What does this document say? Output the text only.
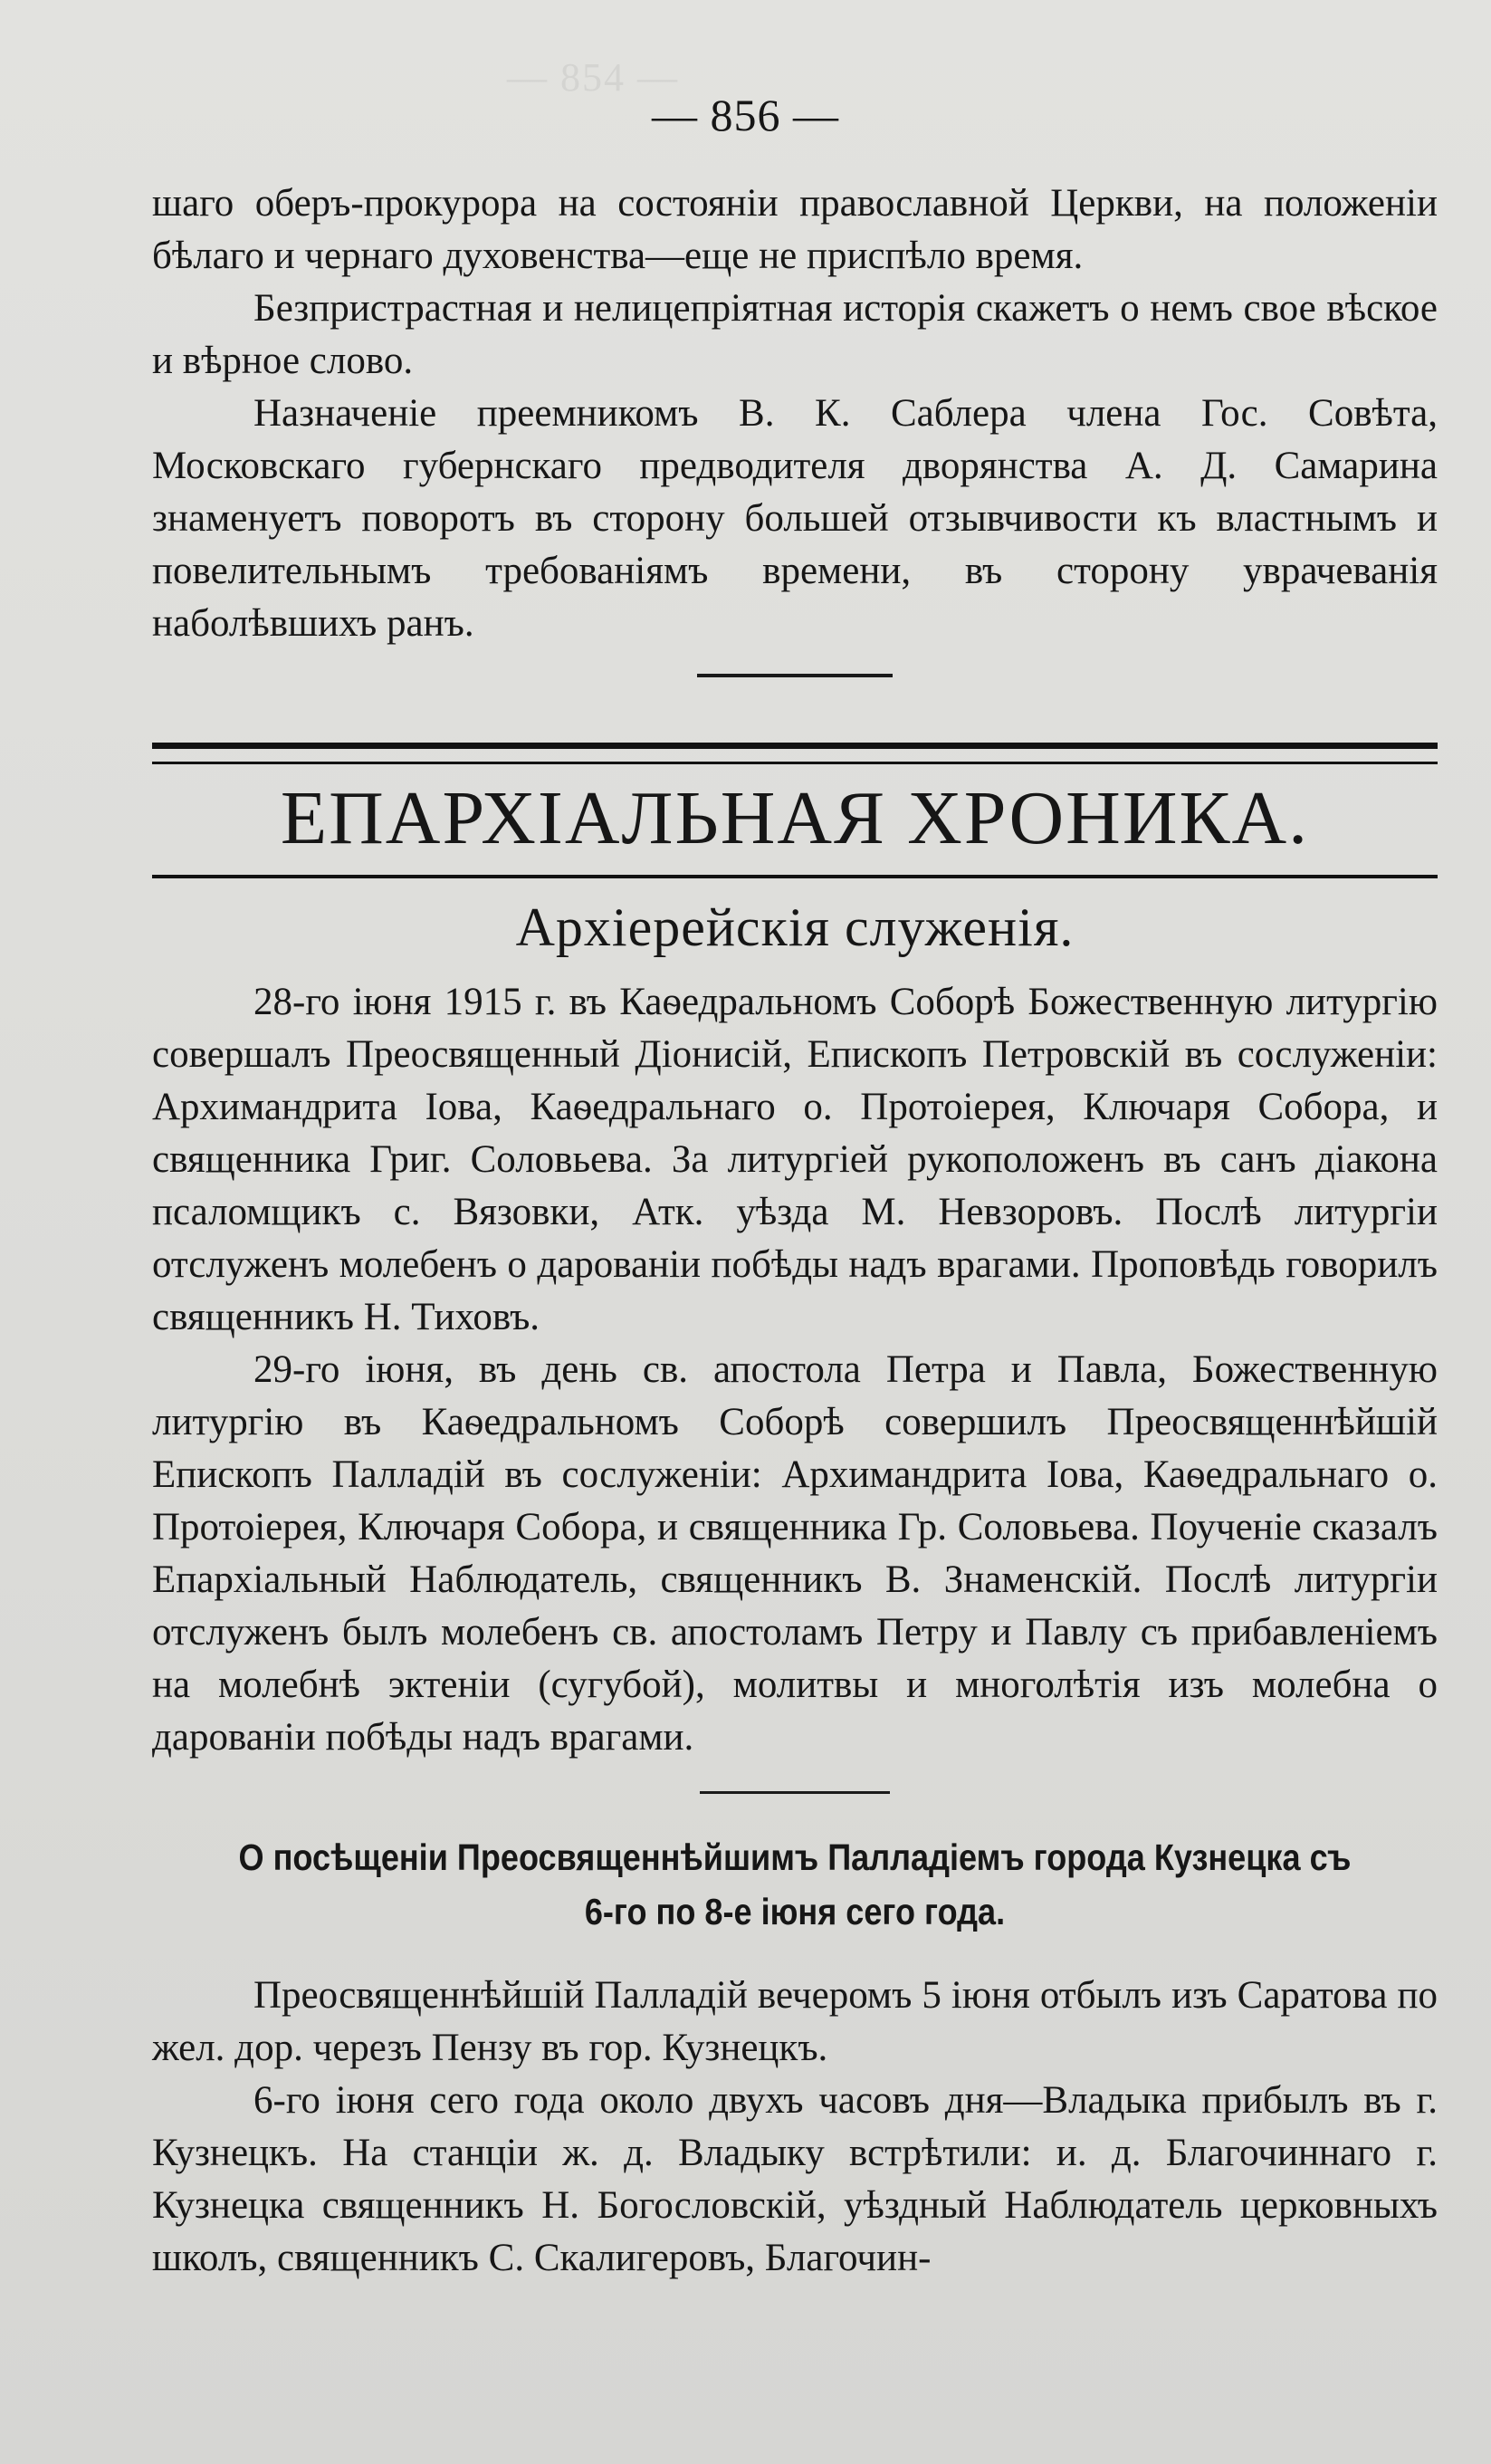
— 854 —
— 856 —

шаго оберъ-прокурора на состояніи православной Церкви, на положеніи бѣлаго и чернаго духовенства—еще не приспѣло время.

Безпристрастная и нелицепріятная исторія скажетъ о немъ свое вѣское и вѣрное слово.

Назначеніе преемникомъ В. К. Саблера члена Гос. Совѣта, Московскаго губернскаго предводителя дворянства А. Д. Самарина знаменуетъ поворотъ въ сторону большей отзывчивости къ властнымъ и повелительнымъ требованіямъ времени, въ сторону уврачеванія наболѣвшихъ ранъ.

ЕПАРХІАЛЬНАЯ ХРОНИКА.
Архіерейскія служенія.

28-го іюня 1915 г. въ Каѳедральномъ Соборѣ Божественную литургію совершалъ Преосвященный Діонисій, Епископъ Петровскій въ сослуженіи: Архимандрита Іова, Каѳедральнаго о. Протоіерея, Ключаря Собора, и священника Григ. Соловьева. За литургіей рукоположенъ въ санъ діакона псаломщикъ с. Вязовки, Атк. уѣзда М. Невзоровъ. Послѣ литургіи отслуженъ молебенъ о дарованіи побѣды надъ врагами. Проповѣдь говорилъ священникъ Н. Тиховъ.

29-го іюня, въ день св. апостола Петра и Павла, Божественную литургію въ Каѳедральномъ Соборѣ совершилъ Преосвященнѣйшій Епископъ Палладій въ сослуженіи: Архимандрита Іова, Каѳедральнаго о. Протоіерея, Ключаря Собора, и священника Гр. Соловьева. Поученіе сказалъ Епархіальный Наблюдатель, священникъ В. Знаменскій. Послѣ литургіи отслуженъ былъ молебенъ св. апостоламъ Петру и Павлу съ прибавленіемъ на молебнѣ эктеніи (сугубой), молитвы и многолѣтія изъ молебна о дарованіи побѣды надъ врагами.

О посѣщеніи Преосвященнѣйшимъ Палладіемъ города Кузнецка съ 6-го по 8-е іюня сего года.

Преосвященнѣйшій Палладій вечеромъ 5 іюня отбылъ изъ Саратова по жел. дор. черезъ Пензу въ гор. Кузнецкъ.

6-го іюня сего года около двухъ часовъ дня—Владыка прибылъ въ г. Кузнецкъ. На станціи ж. д. Владыку встрѣтили: и. д. Благочиннаго г. Кузнецка священникъ Н. Богословскій, уѣздный Наблюдатель церковныхъ школъ, священникъ С. Скалигеровъ, Благочин-
